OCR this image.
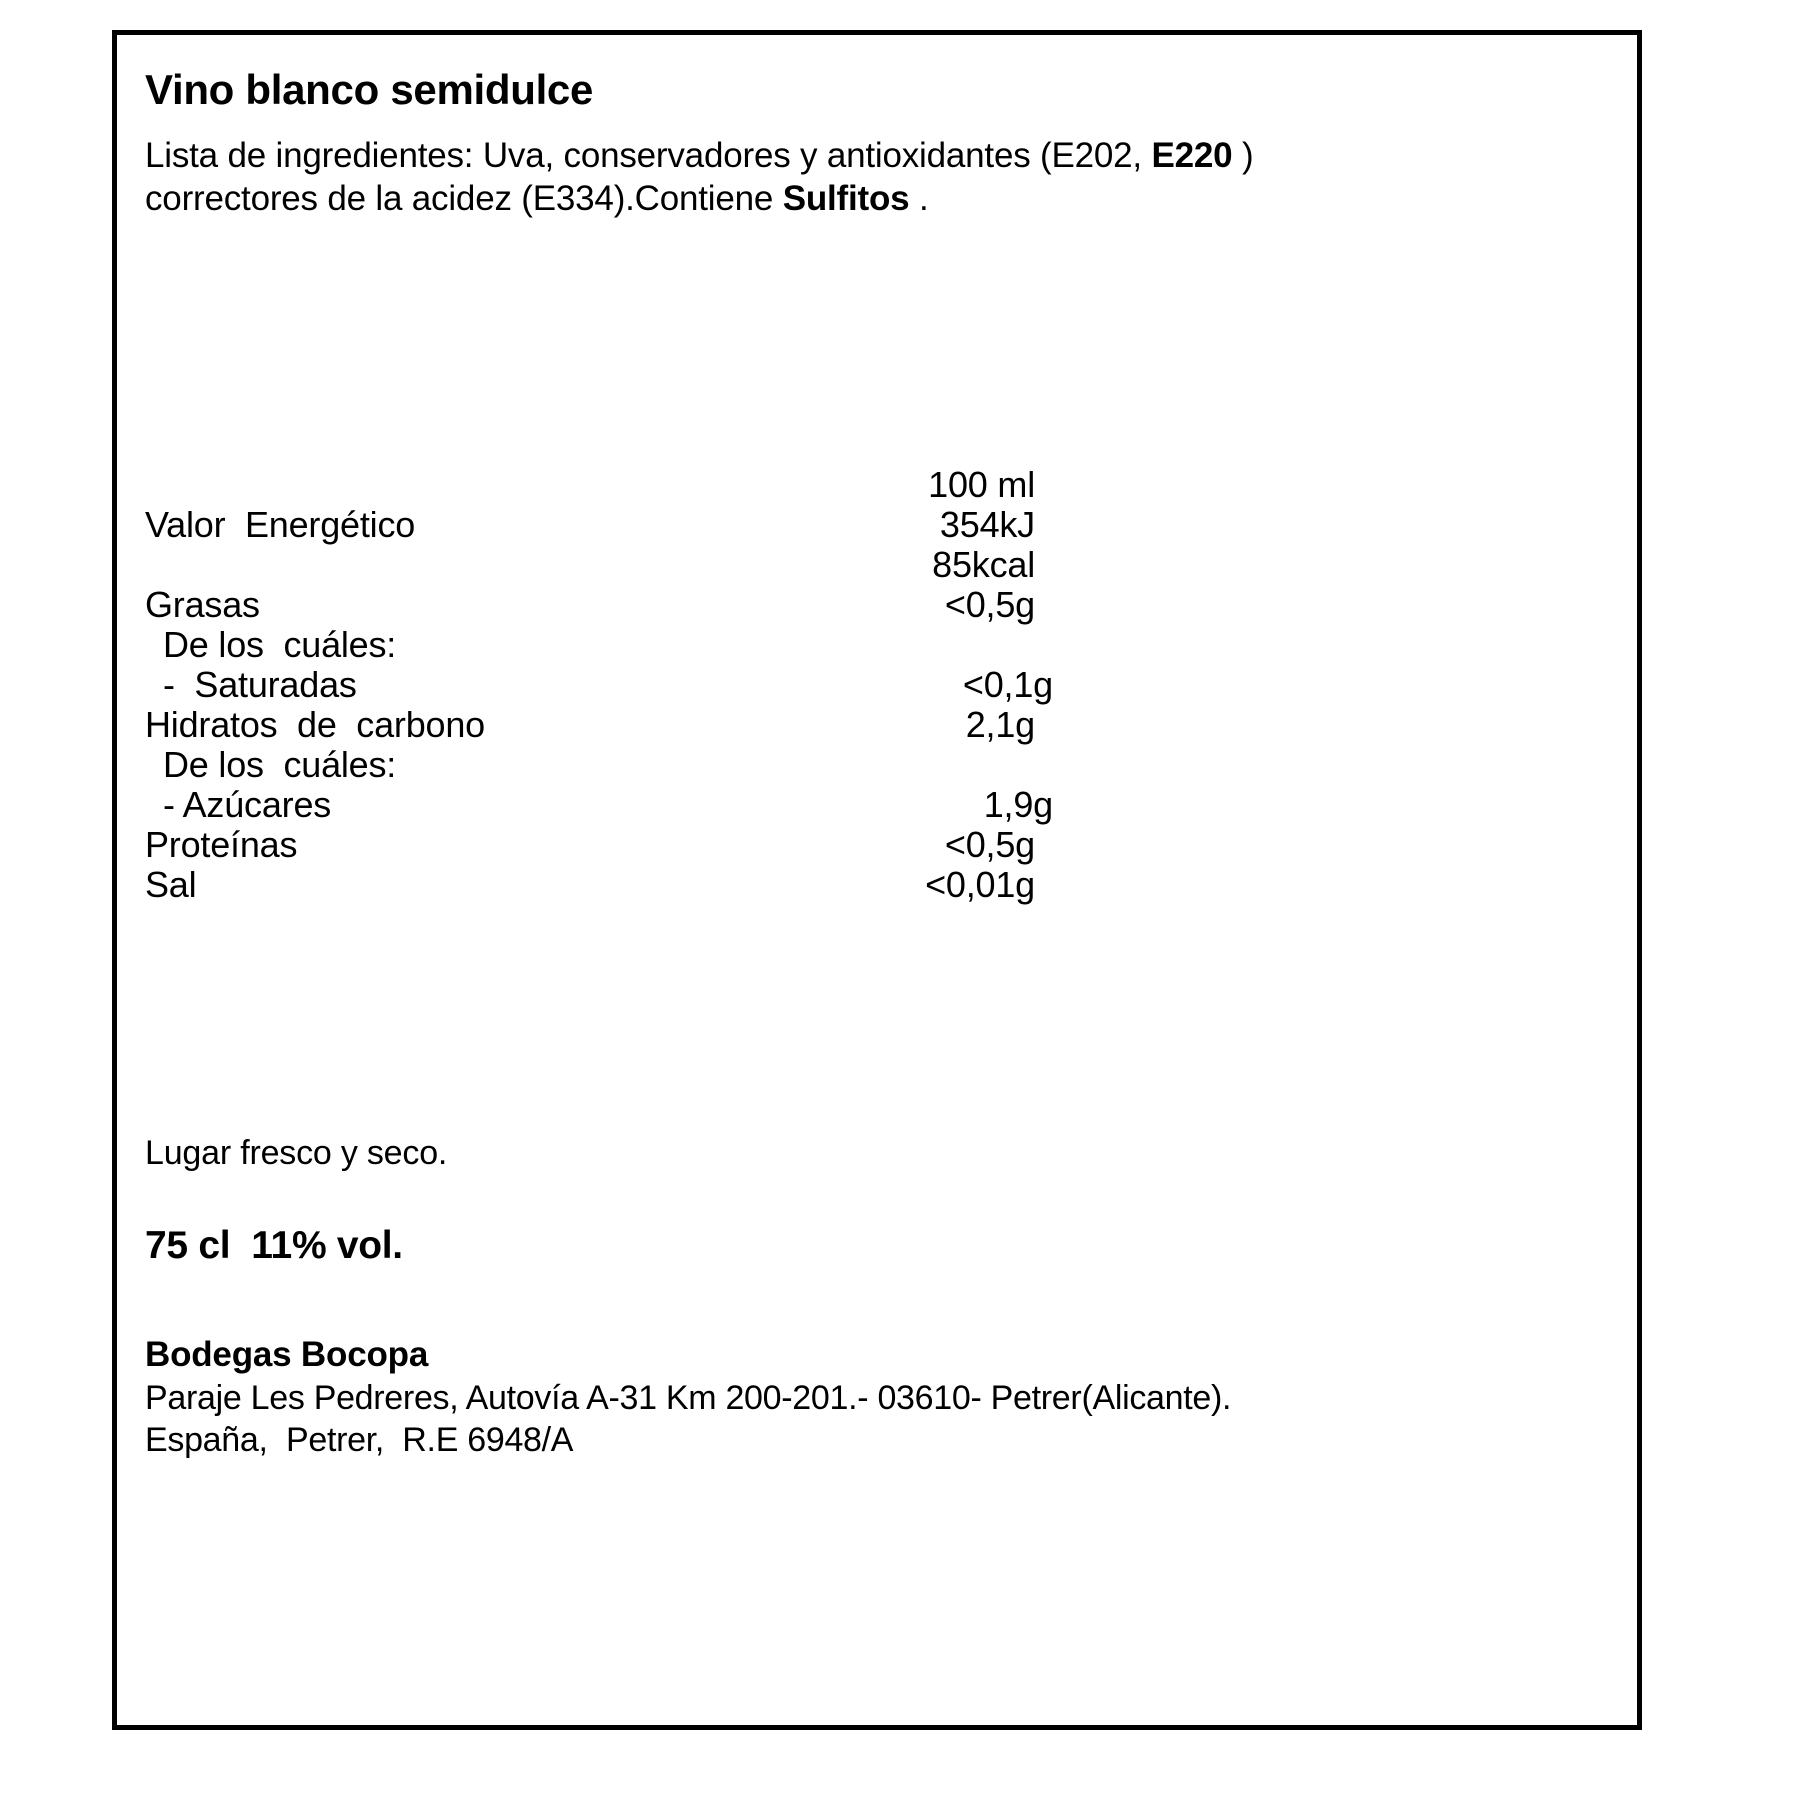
Vino blanco semidulce
Lista de ingredientes: Uva, conservadores y antioxidantes (E202, E220 ) correctores de la acidez (E334).Contiene Sulfitos .
100 ml
Valor  Energético	354kJ
85kcal
Grasas	<0,5g
De los  cuáles:
-  Saturadas	<0,1g
Hidratos  de  carbono	2,1g
De los  cuáles:
- Azúcares	1,9g
Proteínas	<0,5g
Sal	<0,01g
Lugar fresco y seco.
75 cl  11% vol.
Bodegas Bocopa
Paraje Les Pedreres, Autovía A-31 Km 200-201.- 03610- Petrer(Alicante).
España,  Petrer,  R.E 6948/A
